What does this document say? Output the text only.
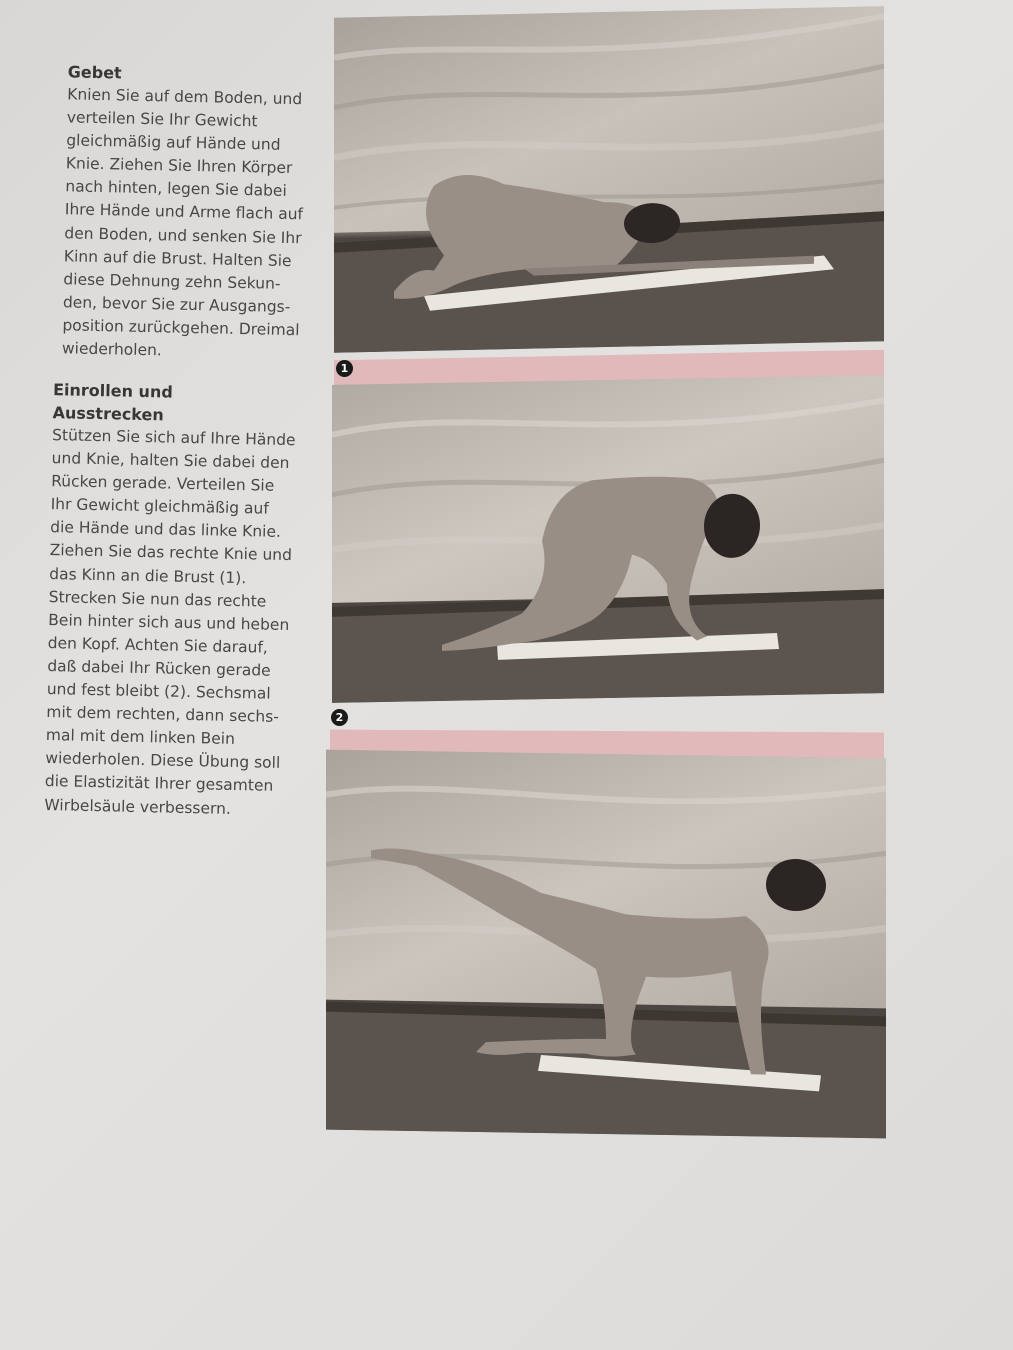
Gebet

Knien Sie auf dem Boden, und
verteilen Sie Ihr Gewicht
gleichmäßig auf Hände und
Knie. Ziehen Sie Ihren Körper
nach hinten, legen Sie dabei
Ihre Hände und Arme flach auf
den Boden, und senken Sie Ihr
Kinn auf die Brust. Halten Sie
diese Dehnung zehn Sekun-
den, bevor Sie zur Ausgangs-
position zurückgehen. Dreimal
wiederholen.

Einrollen und
Ausstrecken

Stützen Sie sich auf Ihre Hände
und Knie, halten Sie dabei den
Rücken gerade. Verteilen Sie
Ihr Gewicht gleichmäßig auf
die Hände und das linke Knie.
Ziehen Sie das rechte Knie und
das Kinn an die Brust (1).
Strecken Sie nun das rechte
Bein hinter sich aus und heben
den Kopf. Achten Sie darauf,
daß dabei Ihr Rücken gerade
und fest bleibt (2). Sechsmal
mit dem rechten, dann sechs-
mal mit dem linken Bein
wiederholen. Diese Übung soll
die Elastizität Ihrer gesamten
Wirbelsäule verbessern.

1
2
